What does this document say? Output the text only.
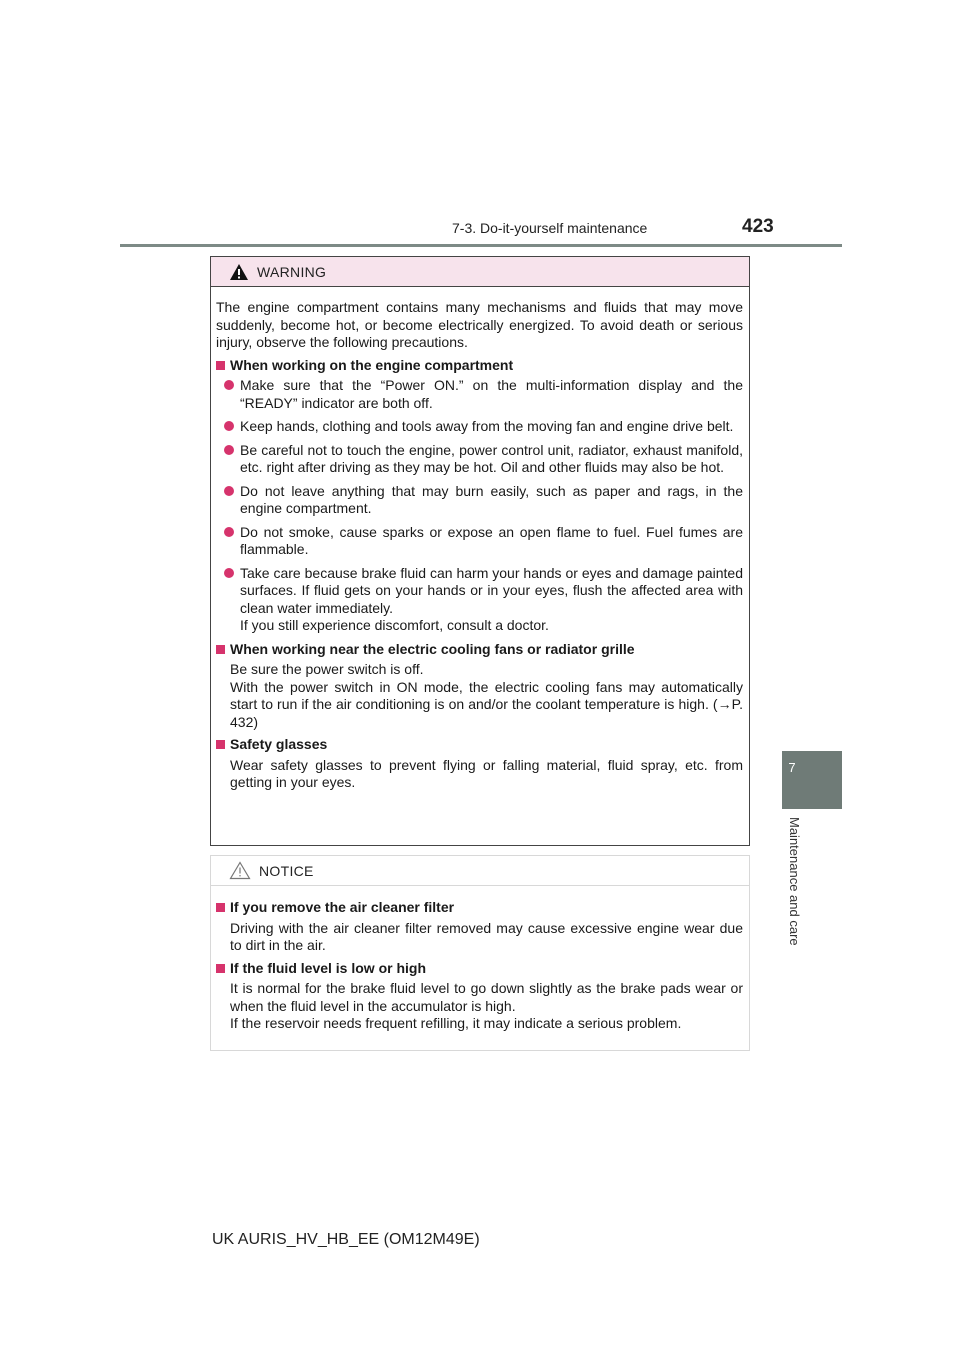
7-3. Do-it-yourself maintenance	423
7
Maintenance and care
WARNING

The engine compartment contains many mechanisms and fluids that may move suddenly, become hot, or become electrically energized. To avoid death or serious injury, observe the following precautions.

When working on the engine compartment
Make sure that the “Power ON.” on the multi-information display and the “READY” indicator are both off.
Keep hands, clothing and tools away from the moving fan and engine drive belt.
Be careful not to touch the engine, power control unit, radiator, exhaust manifold, etc. right after driving as they may be hot. Oil and other fluids may also be hot.
Do not leave anything that may burn easily, such as paper and rags, in the engine compartment.
Do not smoke, cause sparks or expose an open flame to fuel. Fuel fumes are flammable.
Take care because brake fluid can harm your hands or eyes and damage painted surfaces. If fluid gets on your hands or in your eyes, flush the affected area with clean water immediately.
If you still experience discomfort, consult a doctor.
When working near the electric cooling fans or radiator grille

Be sure the power switch is off.
With the power switch in ON mode, the electric cooling fans may automatically start to run if the air conditioning is on and/or the coolant temperature is high. (→P. 432)

Safety glasses

Wear safety glasses to prevent flying or falling material, fluid spray, etc. from getting in your eyes.

NOTICE
If you remove the air cleaner filter

Driving with the air cleaner filter removed may cause excessive engine wear due to dirt in the air.

If the fluid level is low or high

It is normal for the brake fluid level to go down slightly as the brake pads wear or when the fluid level in the accumulator is high.
If the reservoir needs frequent refilling, it may indicate a serious problem.

UK AURIS_HV_HB_EE (OM12M49E)
